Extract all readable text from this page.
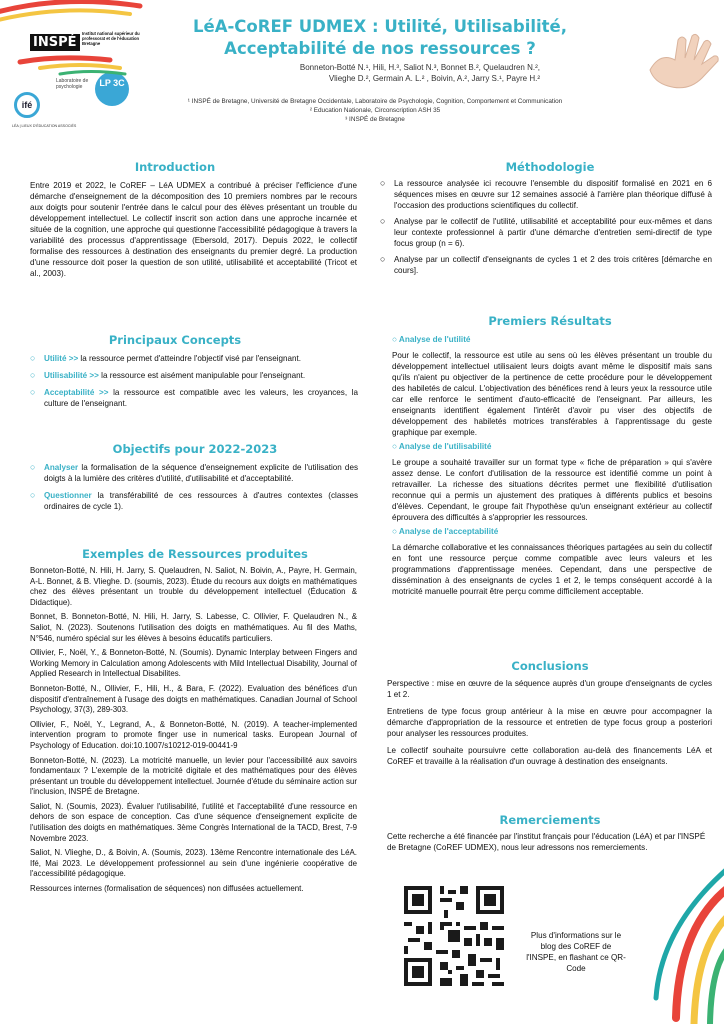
INSPÉ
Institut national supérieur du professorat et de l'éducation Bretagne
Laboratoire de psychologie	LP 3C
ifé
LÉA | LIEUX D'ÉDUCATION ASSOCIÉS
LéA-CoREF UDMEX : Utilité, Utilisabilité, Acceptabilité de nos ressources ?
Bonneton-Botté N.¹, Hili, H.³, Saliot N.³, Bonnet B.², Quelaudren N.²,
Vlieghe D.², Germain A. L.² , Boivin, A.², Jarry S.¹, Payre H.²
¹ INSPÉ de Bretagne, Université de Bretagne Occidentale, Laboratoire de Psychologie, Cognition, Comportement et Communication
² Education Nationale, Circonscription ASH 35
³ INSPÉ de Bretagne
Introduction
Entre 2019 et 2022, le CoREF – LéA UDMEX a contribué à préciser l'efficience d'une démarche d'enseignement de la décomposition des 10 premiers nombres par le recours aux doigts pour soutenir l'entrée dans le calcul pour des élèves présentant un trouble du développement intellectuel. Le collectif inscrit son action dans une approche incarnée et située de la cognition, une approche qui questionne l'accessibilité pédagogique à travers la variabilité des processus d'apprentissage (Ebersold, 2017). Depuis 2022, le collectif formalise des ressources à destination des enseignants du premier degré. La production d'une ressource doit poser la question de son utilité, utilisabilité et acceptabilité (Tricot et al., 2003).
Principaux Concepts
○ Utilité >> la ressource permet d'atteindre l'objectif visé par l'enseignant.
○ Utilisabilité >> la ressource est aisément manipulable pour l'enseignant.
○ Acceptabilité >> la ressource est compatible avec les valeurs, les croyances, la culture de l'enseignant.
Objectifs pour 2022-2023
○ Analyser la formalisation de la séquence d'enseignement explicite de l'utilisation des doigts à la lumière des critères d'utilité, d'utilisabilité et d'acceptabilité.
○ Questionner la transférabilité de ces ressources à d'autres contextes (classes ordinaires de cycle 1).
Exemples de Ressources produites
Bonneton-Botté, N. Hili, H. Jarry, S. Quelaudren, N. Saliot, N. Boivin, A., Payre, H. Germain, A-L. Bonnet, & B. Vlieghe. D. (soumis, 2023). Étude du recours aux doigts en mathématiques chez des élèves présentant un trouble du développement intellectuel (Éducation & Didactique).
Bonnet, B. Bonneton-Botté, N. Hili, H. Jarry, S. Labesse, C. Ollivier, F. Quelaudren N., & Saliot, N. (2023). Soutenons l'utilisation des doigts en mathématiques. Au fil des Maths, N°546, numéro spécial sur les élèves à besoins éducatifs particuliers.
Ollivier, F., Noël, Y., & Bonneton-Botté, N. (Soumis). Dynamic Interplay between Fingers and Working Memory in Calculation among Adolescents with Mild Intellectual Disability, Journal of Applied Research in Intellectual Disabilites.
Bonneton-Botté, N., Ollivier, F., Hili, H., & Bara, F. (2022). Evaluation des bénéfices d'un dispositif d'entraînement à l'usage des doigts en mathématiques. Canadian Journal of School Psychology, 37(3), 289-303.
Ollivier, F., Noël, Y., Legrand, A., & Bonneton-Botté, N. (2019). A teacher-implemented intervention program to promote finger use in numerical tasks. European Journal of Psychology of Education. doi:10.1007/s10212-019-00441-9
Bonneton-Botté, N. (2023). La motricité manuelle, un levier pour l'accessibilité aux savoirs fondamentaux ? L'exemple de la motricité digitale et des mathématiques pour des élèves présentant un trouble du développement intellectuel. Journée d'étude du séminaire action sur l'inclusion, INSPÉ de Bretagne.
Saliot, N. (Soumis, 2023). Évaluer l'utilisabilité, l'utilité et l'acceptabilité d'une ressource en dehors de son espace de conception. Cas d'une séquence d'enseignement explicite de l'utilisation des doigts en mathématiques. 3ème Congrès International de la TACD, Brest, 7-9 Novembre 2023.
Saliot, N. Vlieghe, D., & Boivin, A. (Soumis, 2023). 13ème Rencontre internationale des LéA. Ifé, Mai 2023. Le développement professionnel au sein d'une ingénierie coopérative de l'accessibilité pédagogique.
Ressources internes (formalisation de séquences) non diffusées actuellement.
Méthodologie
○ La ressource analysée ici recouvre l'ensemble du dispositif formalisé en 2021 en 6 séquences mises en œuvre sur 12 semaines associé à l'arrière plan théorique diffusé à l'occasion des productions scientifiques du collectif.
○ Analyse par le collectif de l'utilité, utilisabilité et acceptabilité pour eux-mêmes et dans leur contexte professionnel à partir d'une démarche d'entretien semi-directif de type focus group (n = 6).
○ Analyse par un collectif d'enseignants de cycles 1 et 2 des trois critères [démarche en cours].
Premiers Résultats
○ Analyse de l'utilité
Pour le collectif, la ressource est utile au sens où les élèves présentant un trouble du développement intellectuel utilisaient leurs doigts avant même le dispositif mais sans qu'ils n'aient pu objectiver de la pertinence de cette procédure pour le développement des habiletés de calcul. L'objectivation des bénéfices rend à leurs yeux la ressource utile car elle renforce le sentiment d'auto-efficacité de l'enseignant. Par ailleurs, les enseignants identifient également l'intérêt d'avoir pu viser des objectifs de développement des habiletés motrices transférables à l'apprentissage du geste graphique par exemple.
○ Analyse de l'utilisabilité
Le groupe a souhaité travailler sur un format type « fiche de préparation » qui s'avère assez dense. Le confort d'utilisation de la ressource est identifié comme un point à retravailler. La richesse des situations décrites permet une flexibilité d'utilisation reconnue qui a permis un ajustement des pratiques à différents publics et besoins d'élèves. Cependant, le groupe fait l'hypothèse qu'un enseignant extérieur au collectif éprouvera des difficultés à s'approprier les ressources.
○ Analyse de l'acceptabilité
La démarche collaborative et les connaissances théoriques partagées au sein du collectif en font une ressource perçue comme compatible avec leurs valeurs et les programmations d'apprentissage menées. Cependant, dans une perspective de dissémination à des enseignants de cycles 1 et 2, le temps conséquent accordé à la motricité manuelle pourrait être perçu comme difficilement acceptable.
Conclusions
Perspective : mise en œuvre de la séquence auprès d'un groupe d'enseignants de cycles 1 et 2.
Entretiens de type focus group antérieur à la mise en œuvre pour accompagner la démarche d'appropriation de la ressource et entretien de type focus group a posteriori pour analyser les ressources produites.
Le collectif souhaite poursuivre cette collaboration au-delà des financements LéA et CoREF et travaille à la réalisation d'un ouvrage à destination des enseignants.
Remerciements
Cette recherche a été financée par l'institut français pour l'éducation (LéA) et par l'INSPÉ de Bretagne (CoREF UDMEX), nous leur adressons nos remerciements.
Plus d'informations sur le blog des CoREF de l'INSPE, en flashant ce QR-Code
